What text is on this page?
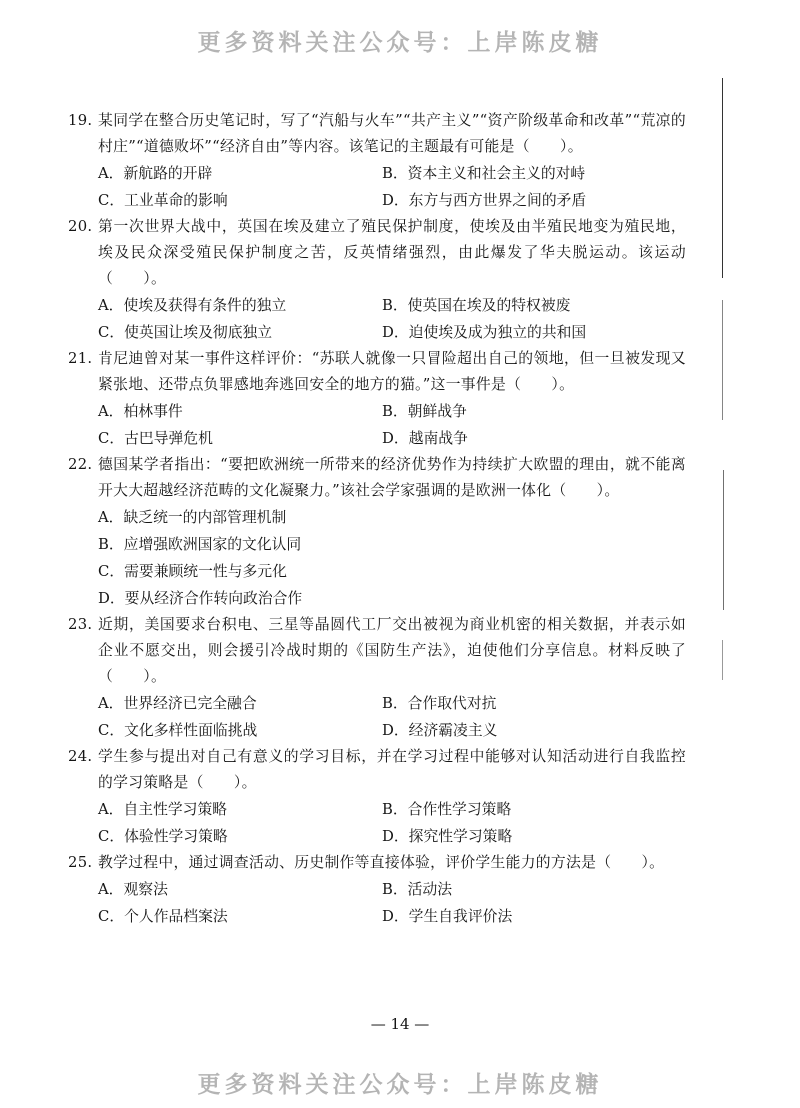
更多资料关注公众号：上岸陈皮糖
19. 某同学在整合历史笔记时，写了“汽船与火车”“共产主义”“资产阶级革命和改革”“荒凉的村庄”“道德败坏”“经济自由”等内容。该笔记的主题最有可能是（　　）。
A．新航路的开辟	B．资本主义和社会主义的对峙
C．工业革命的影响	D．东方与西方世界之间的矛盾
20. 第一次世界大战中，英国在埃及建立了殖民保护制度，使埃及由半殖民地变为殖民地，埃及民众深受殖民保护制度之苦，反英情绪强烈，由此爆发了华夫脱运动。该运动（　　）。
A．使埃及获得有条件的独立	B．使英国在埃及的特权被废
C．使英国让埃及彻底独立	D．迫使埃及成为独立的共和国
21. 肯尼迪曾对某一事件这样评价：“苏联人就像一只冒险超出自己的领地，但一旦被发现又紧张地、还带点负罪感地奔逃回安全的地方的猫。”这一事件是（　　）。
A．柏林事件	B．朝鲜战争
C．古巴导弹危机	D．越南战争
22. 德国某学者指出：“要把欧洲统一所带来的经济优势作为持续扩大欧盟的理由，就不能离开大大超越经济范畴的文化凝聚力。”该社会学家强调的是欧洲一体化（　　）。
A．缺乏统一的内部管理机制
B．应增强欧洲国家的文化认同
C．需要兼顾统一性与多元化
D．要从经济合作转向政治合作
23. 近期，美国要求台积电、三星等晶圆代工厂交出被视为商业机密的相关数据，并表示如企业不愿交出，则会援引冷战时期的《国防生产法》，迫使他们分享信息。材料反映了（　　）。
A．世界经济已完全融合	B．合作取代对抗
C．文化多样性面临挑战	D．经济霸凌主义
24. 学生参与提出对自己有意义的学习目标，并在学习过程中能够对认知活动进行自我监控的学习策略是（　　）。
A．自主性学习策略	B．合作性学习策略
C．体验性学习策略	D．探究性学习策略
25. 教学过程中，通过调查活动、历史制作等直接体验，评价学生能力的方法是（　　）。
A．观察法	B．活动法
C．个人作品档案法	D．学生自我评价法
— 14 —
更多资料关注公众号：上岸陈皮糖
